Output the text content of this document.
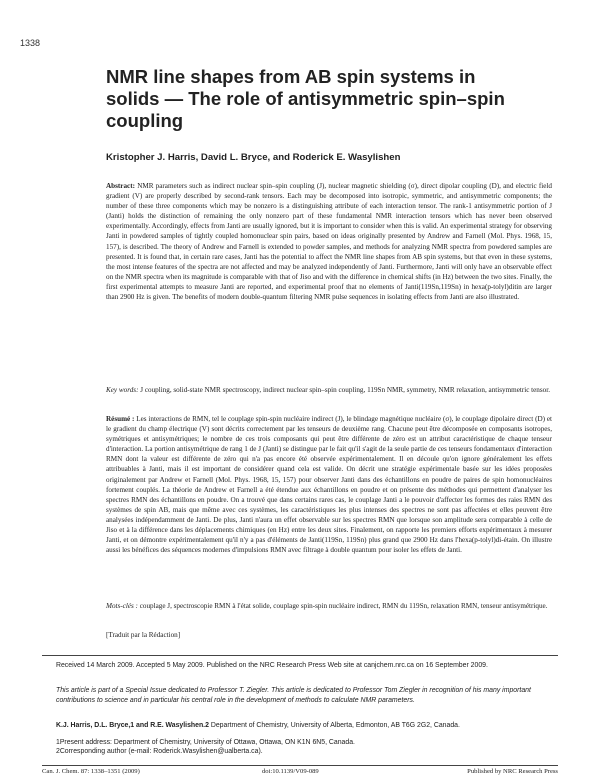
1338
NMR line shapes from AB spin systems in solids — The role of antisymmetric spin–spin coupling

Kristopher J. Harris, David L. Bryce, and Roderick E. Wasylishen

Abstract: NMR parameters such as indirect nuclear spin–spin coupling (J), nuclear magnetic shielding (σ), direct dipolar coupling (D), and electric field gradient (V) are properly described by second-rank tensors. Each may be decomposed into isotropic, symmetric, and antisymmetric components; the number of these three components which may be nonzero is a distinguishing attribute of each interaction tensor. The rank-1 antisymmetric portion of J (Janti) holds the distinction of remaining the only nonzero part of these fundamental NMR interaction tensors which has never been observed experimentally. Accordingly, effects from Janti are usually ignored, but it is important to consider when this is valid. An experimental strategy for observing Janti in powdered samples of tightly coupled homonuclear spin pairs, based on ideas originally presented by Andrew and Farnell (Mol. Phys. 1968, 15, 157), is described. The theory of Andrew and Farnell is extended to powder samples, and methods for analyzing NMR spectra from powdered samples are presented. It is found that, in certain rare cases, Janti has the potential to affect the NMR line shapes from AB spin systems, but that even in these systems, the most intense features of the spectra are not affected and may be analyzed independently of Janti. Furthermore, Janti will only have an observable effect on the NMR spectra when its magnitude is comparable with that of Jiso and with the difference in chemical shifts (in Hz) between the two sites. Finally, the first experimental attempts to measure Janti are reported, and experimental proof that no elements of Janti(119Sn,119Sn) in hexa(p-tolyl)ditin are larger than 2900 Hz is given. The benefits of modern double-quantum filtering NMR pulse sequences in isolating effects from Janti are also illustrated.

Key words: J coupling, solid-state NMR spectroscopy, indirect nuclear spin–spin coupling, 119Sn NMR, symmetry, NMR relaxation, antisymmetric tensor.

Résumé : Les interactions de RMN, tel le couplage spin-spin nucléaire indirect (J), le blindage magnétique nucléaire (σ), le couplage dipolaire direct (D) et le gradient du champ électrique (V) sont décrits correctement par les tenseurs de deuxième rang. Chacune peut être décomposée en composants isotropes, symétriques et antisymétriques; le nombre de ces trois composants qui peut être différente de zéro est un attribut caractéristique de chaque tenseur d'interaction. La portion antisymétrique de rang 1 de J (Janti) se distingue par le fait qu'il s'agit de la seule partie de ces tenseurs fondamentaux d'interaction RMN dont la valeur est différente de zéro qui n'a pas encore été observée expérimentalement. Il en découle qu'on ignore généralement les effets attribuables à Janti, mais il est important de considérer quand cela est valide. On décrit une stratégie expérimentale basée sur les idées proposées originalement par Andrew et Farnell (Mol. Phys. 1968, 15, 157) pour observer Janti dans des échantillons en poudre de paires de spin homonucléaires fortement couplés. La théorie de Andrew et Farnell a été étendue aux échantillons en poudre et on présente des méthodes qui permettent d'analyser les spectres RMN des échantillons en poudre. On a trouvé que dans certains rares cas, le couplage Janti a le pouvoir d'affecter les formes des raies RMN des systèmes de spin AB, mais que même avec ces systèmes, les caractéristiques les plus intenses des spectres ne sont pas affectées et elles peuvent être analysées indépendamment de Janti. De plus, Janti n'aura un effet observable sur les spectres RMN que lorsque son amplitude sera comparable à celle de Jiso et à la différence dans les déplacements chimiques (en Hz) entre les deux sites. Finalement, on rapporte les premiers efforts expérimentaux à mesurer Janti, et on démontre expérimentalement qu'il n'y a pas d'éléments de Janti(119Sn, 119Sn) plus grand que 2900 Hz dans l'hexa(p-tolyl)di-étain. On illustre aussi les bénéfices des séquences modernes d'impulsions RMN avec filtrage à double quantum pour isoler les effets de Janti.

Mots-clés : couplage J, spectroscopie RMN à l'état solide, couplage spin-spin nucléaire indirect, RMN du 119Sn, relaxation RMN, tenseur antisymétrique.

[Traduit par la Rédaction]

Received 14 March 2009. Accepted 5 May 2009. Published on the NRC Research Press Web site at canjchem.nrc.ca on 16 September 2009.

This article is part of a Special Issue dedicated to Professor T. Ziegler. This article is dedicated to Professor Tom Ziegler in recognition of his many important contributions to science and in particular his central role in the development of methods to calculate NMR parameters.

K.J. Harris, D.L. Bryce,1 and R.E. Wasylishen.2 Department of Chemistry, University of Alberta, Edmonton, AB T6G 2G2, Canada.

1Present address: Department of Chemistry, University of Ottawa, Ottawa, ON K1N 6N5, Canada.

2Corresponding author (e-mail: Roderick.Wasylishen@ualberta.ca).

Can. J. Chem. 87: 1338–1351 (2009)	doi:10.1139/V09-089	Published by NRC Research Press
